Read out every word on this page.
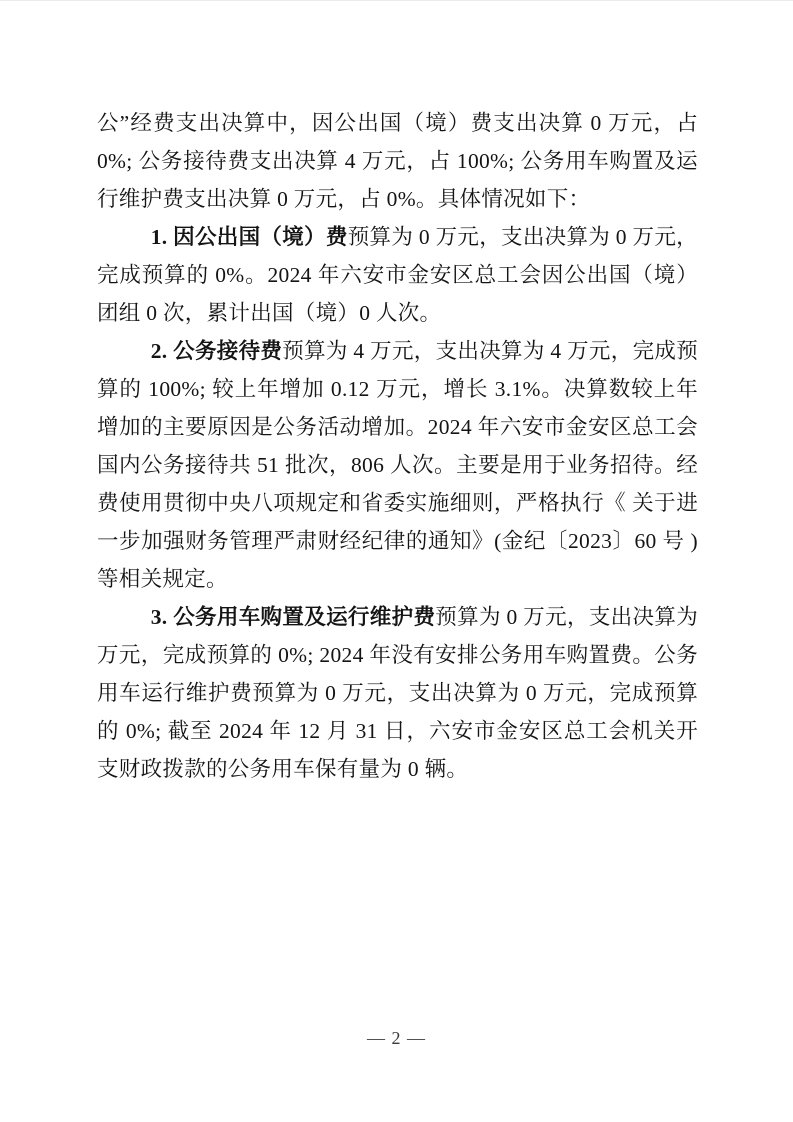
公”经费支出决算中，因公出国（境）费支出决算 0 万元，占 0%; 公务接待费支出决算 4 万元，占 100%; 公务用车购置及运行维护费支出决算 0 万元，占 0%。具体情况如下：

1. 因公出国（境）费预算为 0 万元，支出决算为 0 万元，完成预算的 0%。2024 年六安市金安区总工会因公出国（境）团组 0 次，累计出国（境）0 人次。

2. 公务接待费预算为 4 万元，支出决算为 4 万元，完成预算的 100%; 较上年增加 0.12 万元，增长 3.1%。决算数较上年增加的主要原因是公务活动增加。2024 年六安市金安区总工会国内公务接待共 51 批次，806 人次。主要是用于业务招待。经费使用贯彻中央八项规定和省委实施细则，严格执行《 关于进一步加强财务管理严肃财经纪律的通知》(金纪〔2023〕60 号 )等相关规定。

3. 公务用车购置及运行维护费预算为 0 万元，支出决算为 万元，完成预算的 0%; 2024 年没有安排公务用车购置费。公务用车运行维护费预算为 0 万元，支出决算为 0 万元，完成预算的 0%; 截至 2024 年 12 月 31 日，六安市金安区总工会机关开支财政拨款的公务用车保有量为 0 辆。

— 2 —
